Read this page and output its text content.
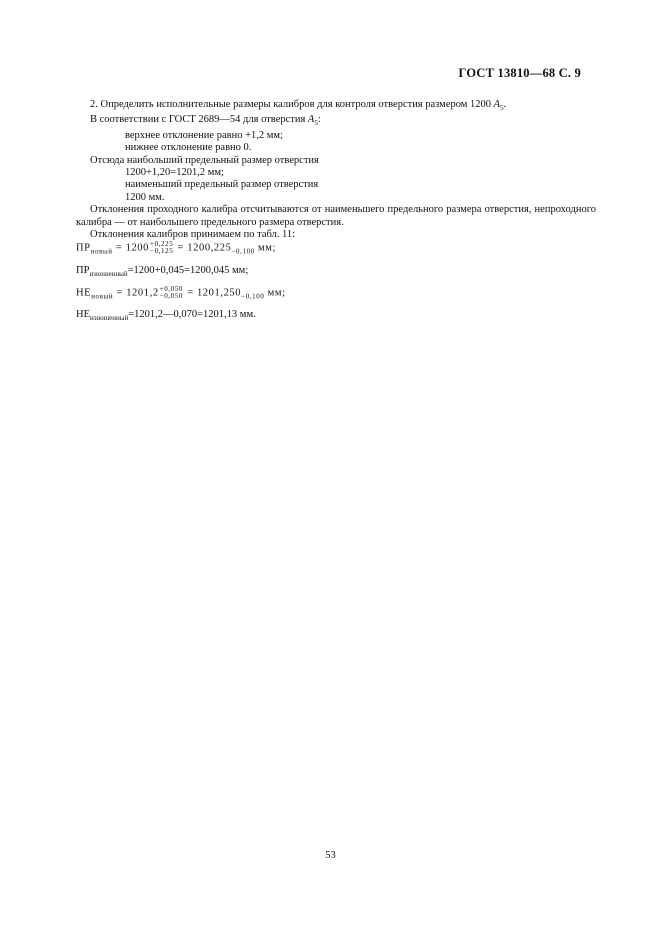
ГОСТ 13810—68 С. 9

2. Определить исполнительные размеры калибров для контроля отверстия размером 1200 $A_5$.

В соответствии с ГОСТ 2689—54 для отверстия $A_5$:

верхнее отклонение равно +1,2 мм;

нижнее отклонение равно 0.

Отсюда наибольший предельный размер отверстия

1200+1,20=1201,2 мм;

наименьший предельный размер отверстия

1200 мм.

Отклонения проходного калибра отсчитываются от наименьшего предельного размера отверстия, непроходного калибра — от наибольшего предельного размера отверстия.

Отклонения калибров принимаем по табл. 11:

$ПР_{новый} = 1200 +0,225$
$-0,125 = 1200,225_{-0,100}$ мм;

$ПР_{изношенный}=1200+0,045=1200,045$ мм;

$НЕ_{новый} = 1201,2 +0,050$
$-0,050 = 1201,250_{-0,100}$ мм;

$НЕ_{изношенный}=1201,2—0,070=1201,13$ мм.

53
